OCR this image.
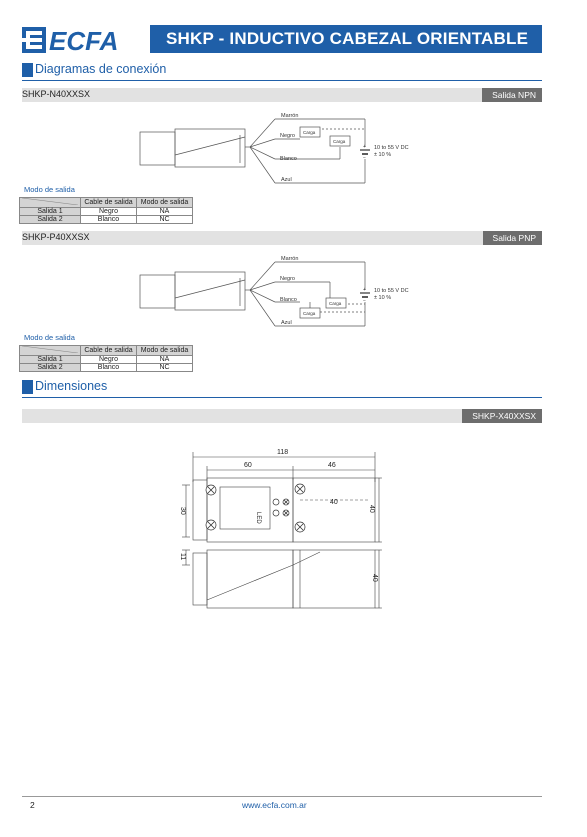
ECFA	SHKP - INDUCTIVO CABEZAL ORIENTABLE
Diagramas de conexión
SHKP-N40XXSX	Salida NPN
Marrón
Negro
Blanco
Azul
Carga
Carga
+
−
10 to 55 V DC
± 10 %
Modo de salida
	Cable de salida	Modo de salida
Salida 1	Negro	NA
Salida 2	Blanco	NC
SHKP-P40XXSX	Salida PNP
Marrón
Negro
Blanco
Azul
Carga
Carga
+
−
10 to 55 V DC
± 10 %
Modo de salida
	Cable de salida	Modo de salida
Salida 1	Negro	NA
Salida 2	Blanco	NC
Dimensiones
SHKP-X40XXSX
118
60	46
40
40
30
11
40
LED
2	www.ecfa.com.ar
